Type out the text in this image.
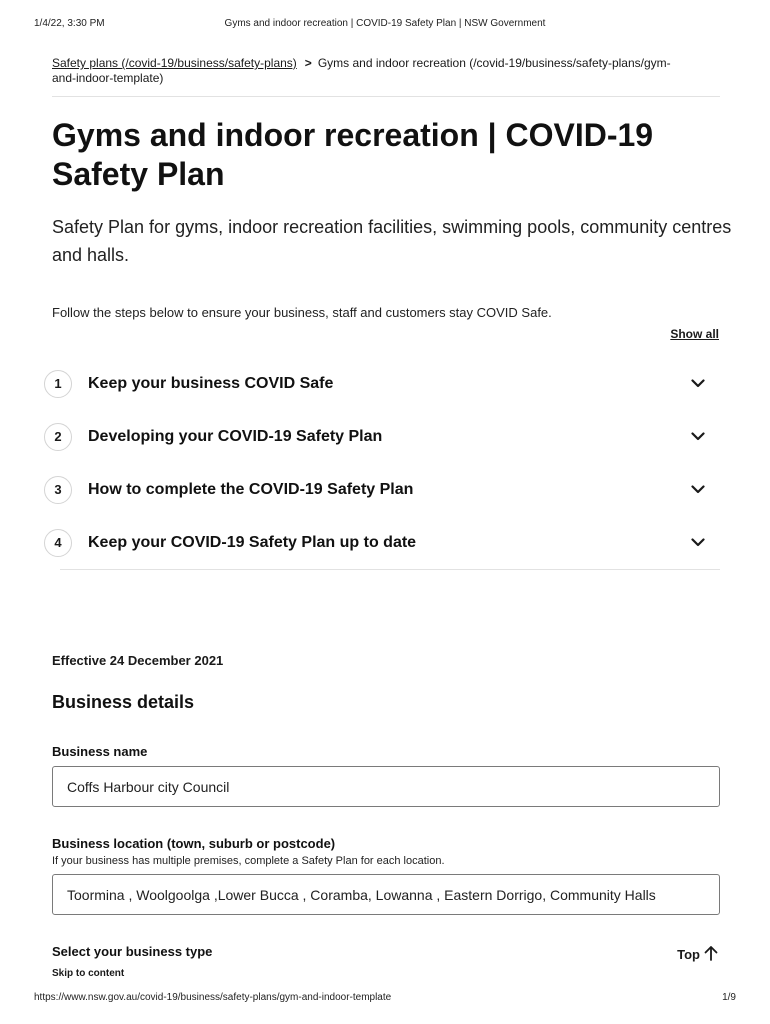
1/4/22, 3:30 PM	Gyms and indoor recreation | COVID-19 Safety Plan | NSW Government
Safety plans (/covid-19/business/safety-plans) > Gyms and indoor recreation (/covid-19/business/safety-plans/gym-and-indoor-template)
Gyms and indoor recreation | COVID-19 Safety Plan

Safety Plan for gyms, indoor recreation facilities, swimming pools, community centres and halls.

Follow the steps below to ensure your business, staff and customers stay COVID Safe.

Show all
1	Keep your business COVID Safe
2	Developing your COVID-19 Safety Plan
3	How to complete the COVID-19 Safety Plan
4	Keep your COVID-19 Safety Plan up to date
Effective 24 December 2021
Business details
Business name
Coffs Harbour city Council
Business location (town, suburb or postcode)
If your business has multiple premises, complete a Safety Plan for each location.
Toormina , Woolgoolga ,Lower Bucca , Coramba, Lowanna , Eastern Dorrigo, Community Halls
Select your business type	Top
Skip to content
https://www.nsw.gov.au/covid-19/business/safety-plans/gym-and-indoor-template	1/9
